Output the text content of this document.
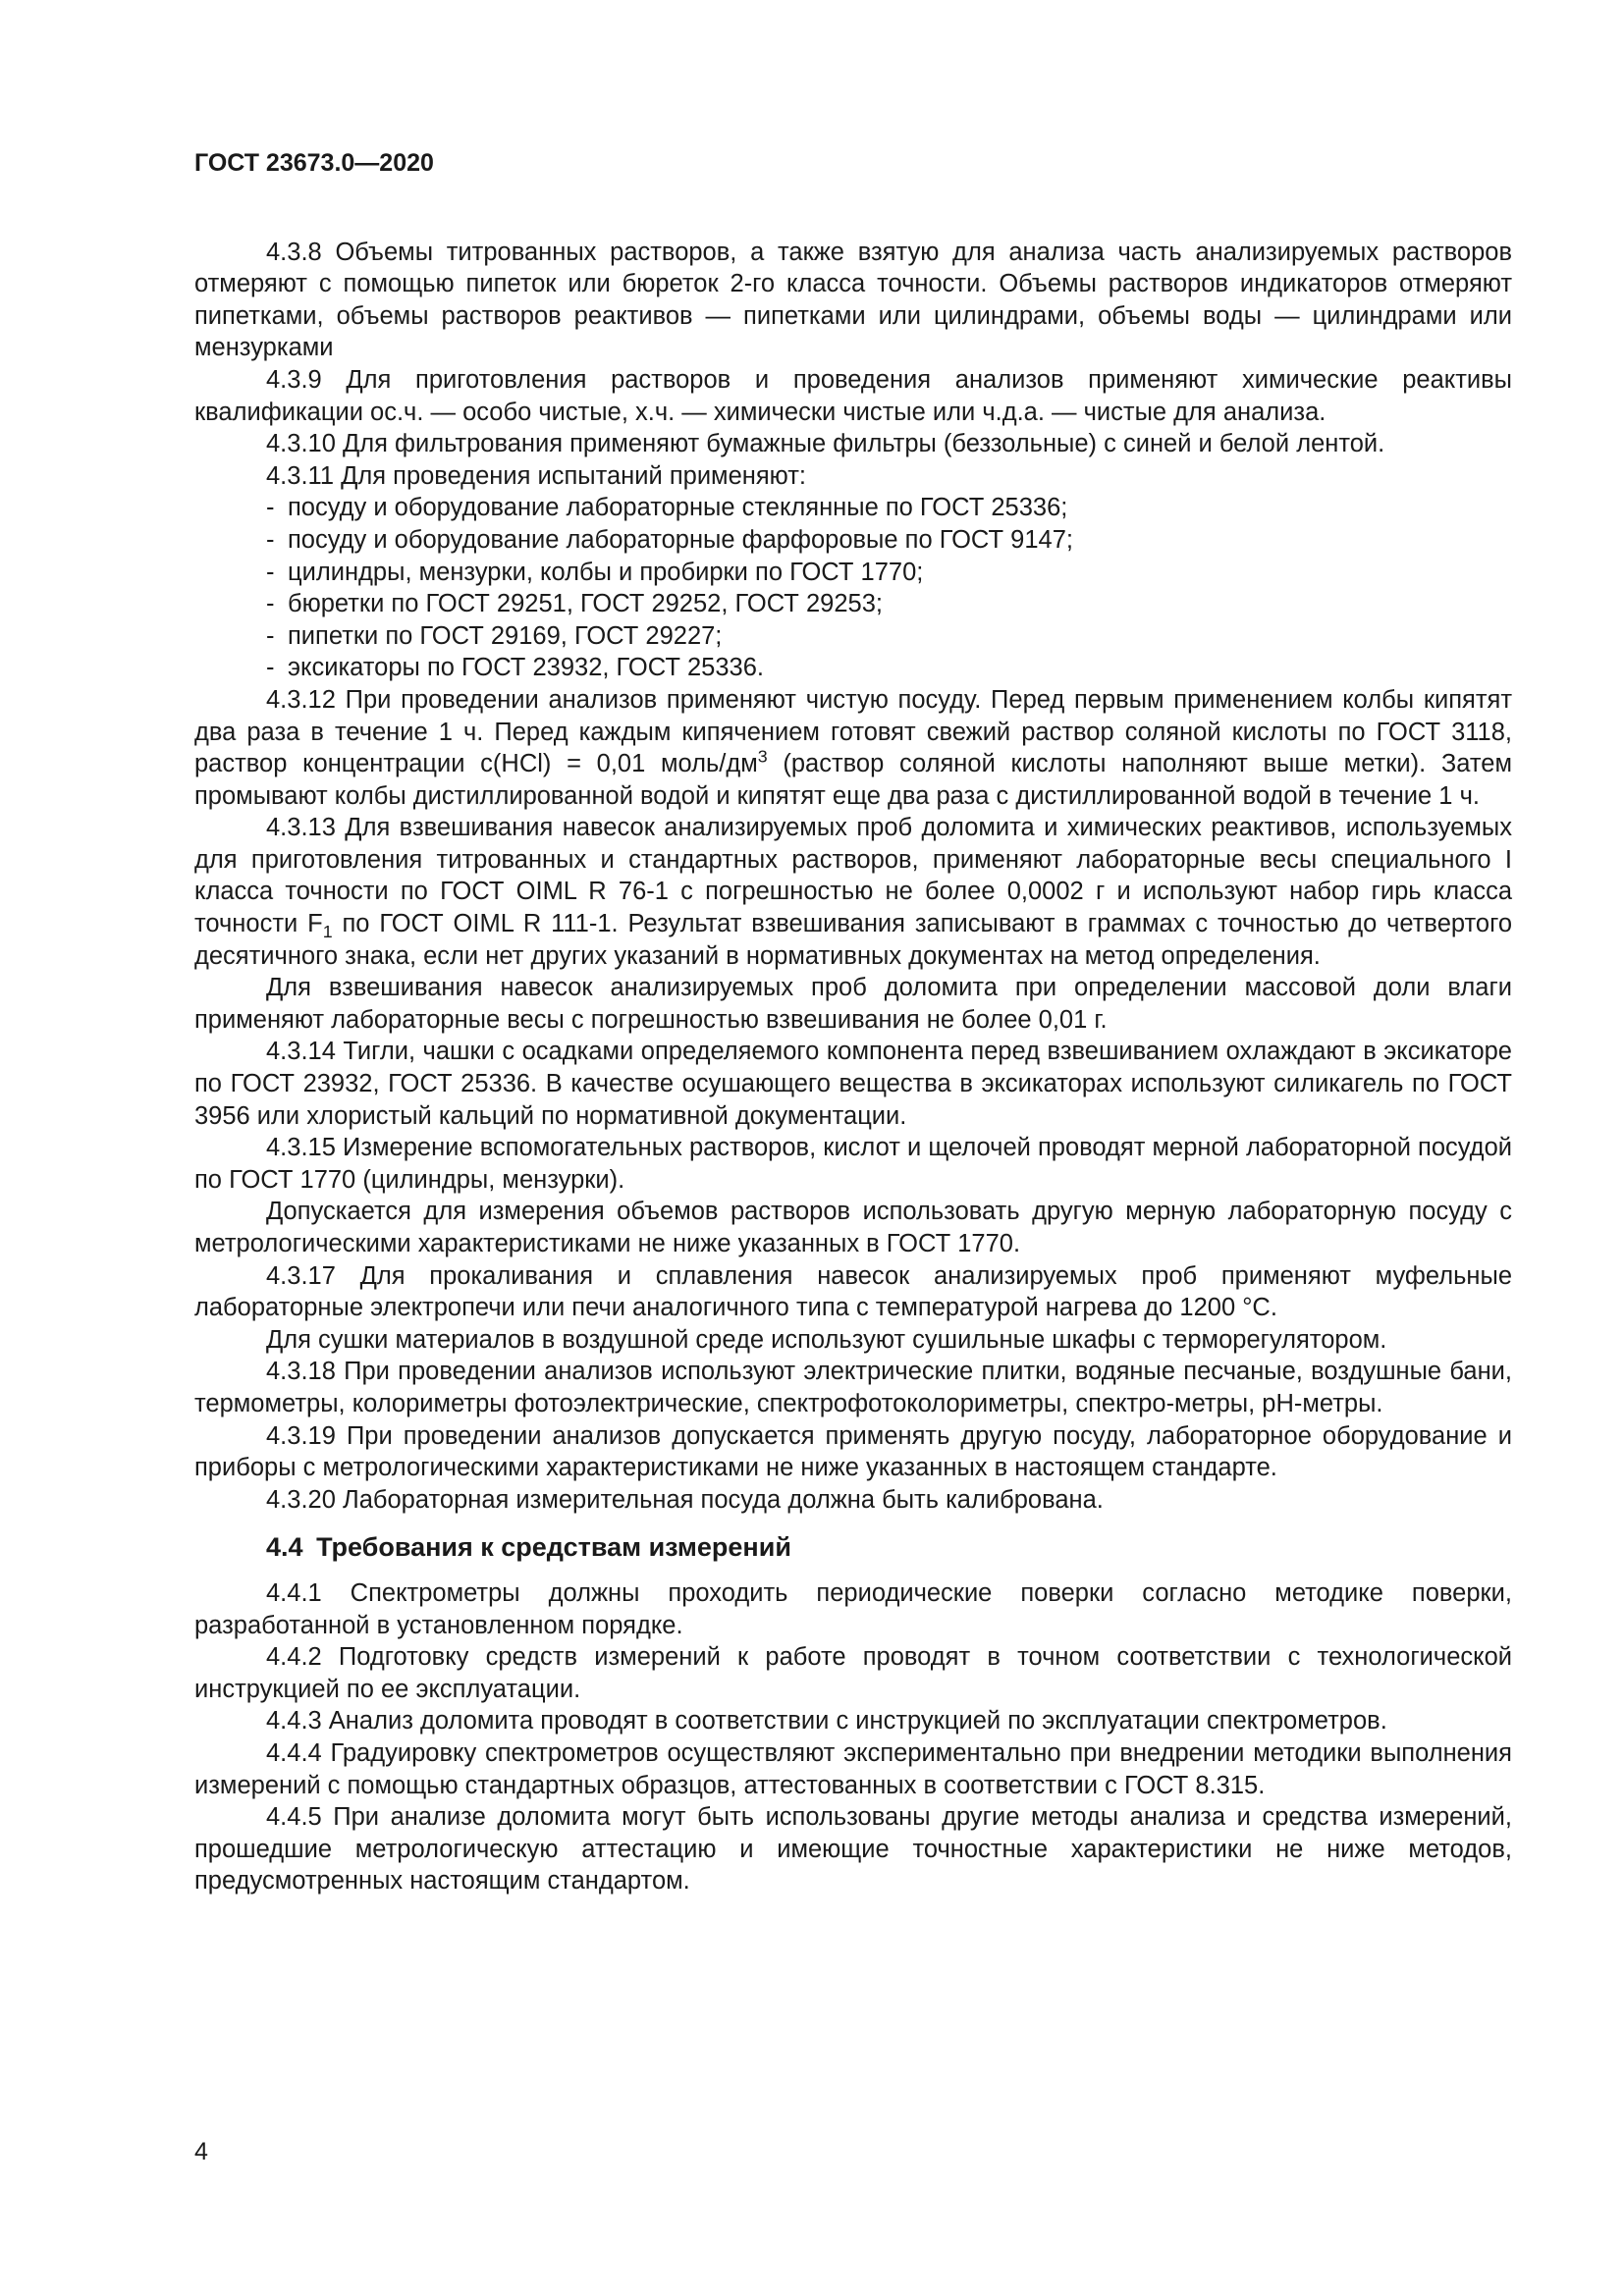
ГОСТ 23673.0—2020

4.3.8 Объемы титрованных растворов, а также взятую для анализа часть анализируемых растворов отмеряют с помощью пипеток или бюреток 2-го класса точности. Объемы растворов индикаторов отмеряют пипетками, объемы растворов реактивов — пипетками или цилиндрами, объемы воды — цилиндрами или мензурками

4.3.9 Для приготовления растворов и проведения анализов применяют химические реактивы квалификации ос.ч. — особо чистые, х.ч. — химически чистые или ч.д.а. — чистые для анализа.

4.3.10 Для фильтрования применяют бумажные фильтры (беззольные) с синей и белой лентой.

4.3.11 Для проведения испытаний применяют:

- посуду и оборудование лабораторные стеклянные по ГОСТ 25336;
- посуду и оборудование лабораторные фарфоровые по ГОСТ 9147;
- цилиндры, мензурки, колбы и пробирки по ГОСТ 1770;
- бюретки по ГОСТ 29251, ГОСТ 29252, ГОСТ 29253;
- пипетки по ГОСТ 29169, ГОСТ 29227;
- эксикаторы по ГОСТ 23932, ГОСТ 25336.

4.3.12 При проведении анализов применяют чистую посуду. Перед первым применением колбы кипятят два раза в течение 1 ч. Перед каждым кипячением готовят свежий раствор соляной кислоты по ГОСТ 3118, раствор концентрации c(HCl) = 0,01 моль/$дм^3$ (раствор соляной кислоты наполняют выше метки). Затем промывают колбы дистиллированной водой и кипятят еще два раза с дистиллированной водой в течение 1 ч.

4.3.13 Для взвешивания навесок анализируемых проб доломита и химических реактивов, используемых для приготовления титрованных и стандартных растворов, применяют лабораторные весы специального I класса точности по ГОСТ OIML R 76-1 с погрешностью не более 0,0002 г и используют набор гирь класса точности $F_1$ по ГОСТ OIML R 111-1. Результат взвешивания записывают в граммах с точностью до четвертого десятичного знака, если нет других указаний в нормативных документах на метод определения.

Для взвешивания навесок анализируемых проб доломита при определении массовой доли влаги применяют лабораторные весы с погрешностью взвешивания не более 0,01 г.

4.3.14 Тигли, чашки с осадками определяемого компонента перед взвешиванием охлаждают в эксикаторе по ГОСТ 23932, ГОСТ 25336. В качестве осушающего вещества в эксикаторах используют силикагель по ГОСТ 3956 или хлористый кальций по нормативной документации.

4.3.15 Измерение вспомогательных растворов, кислот и щелочей проводят мерной лабораторной посудой по ГОСТ 1770 (цилиндры, мензурки).

Допускается для измерения объемов растворов использовать другую мерную лабораторную посуду с метрологическими характеристиками не ниже указанных в ГОСТ 1770.

4.3.17 Для прокаливания и сплавления навесок анализируемых проб применяют муфельные лабораторные электропечи или печи аналогичного типа с температурой нагрева до 1200 °C.

Для сушки материалов в воздушной среде используют сушильные шкафы с терморегулятором.

4.3.18 При проведении анализов используют электрические плитки, водяные песчаные, воздушные бани, термометры, колориметры фотоэлектрические, спектрофотоколориметры, спектро-метры, рН-метры.

4.3.19 При проведении анализов допускается применять другую посуду, лабораторное оборудование и приборы с метрологическими характеристиками не ниже указанных в настоящем стандарте.

4.3.20 Лабораторная измерительная посуда должна быть калибрована.

4.4 Требования к средствам измерений

4.4.1 Спектрометры должны проходить периодические поверки согласно методике поверки, разработанной в установленном порядке.

4.4.2 Подготовку средств измерений к работе проводят в точном соответствии с технологической инструкцией по ее эксплуатации.

4.4.3 Анализ доломита проводят в соответствии с инструкцией по эксплуатации спектрометров.

4.4.4 Градуировку спектрометров осуществляют экспериментально при внедрении методики выполнения измерений с помощью стандартных образцов, аттестованных в соответствии с ГОСТ 8.315.

4.4.5 При анализе доломита могут быть использованы другие методы анализа и средства измерений, прошедшие метрологическую аттестацию и имеющие точностные характеристики не ниже методов, предусмотренных настоящим стандартом.

4
